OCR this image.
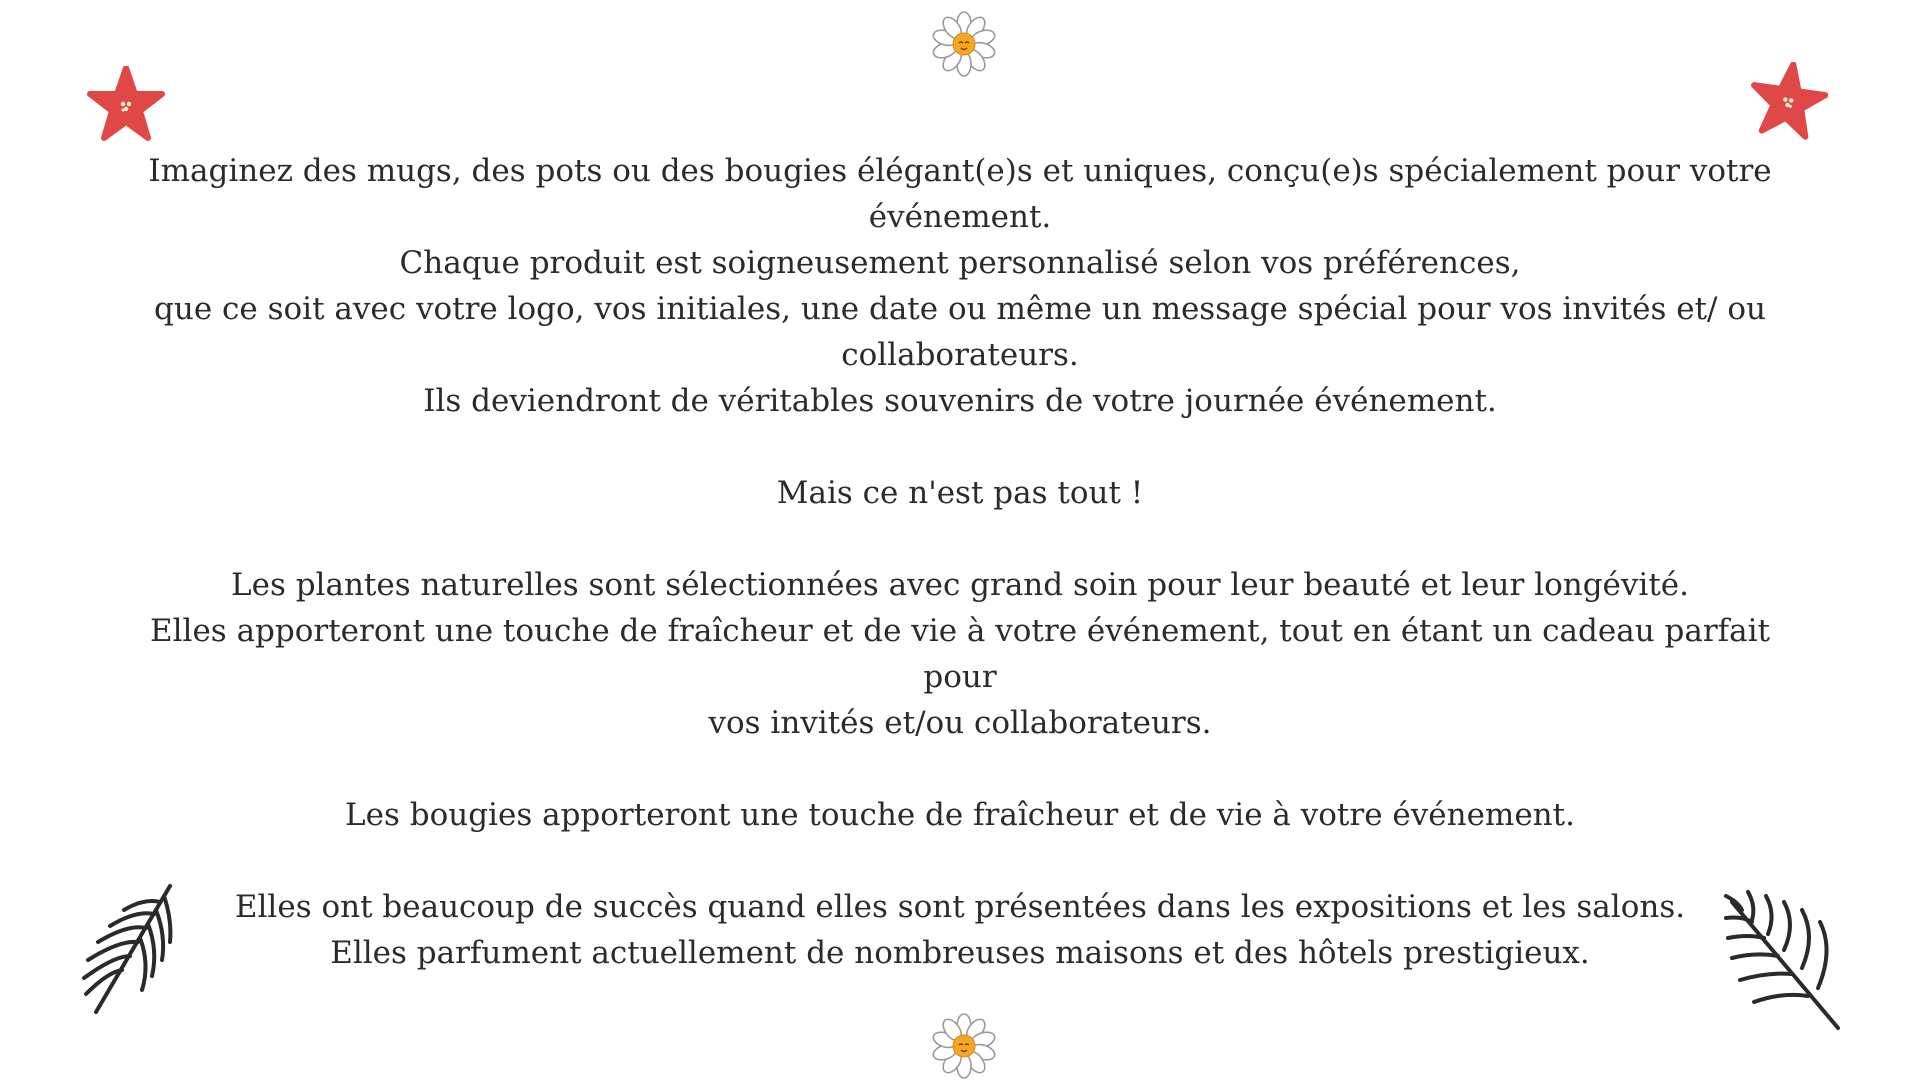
Imaginez des mugs, des pots ou des bougies élégant(e)s et uniques, conçu(e)s spécialement pour votre
événement.
Chaque produit est soigneusement personnalisé selon vos préférences,
que ce soit avec votre logo, vos initiales, une date ou même un message spécial pour vos invités et/ ou
collaborateurs.
Ils deviendront de véritables souvenirs de votre journée événement.
Mais ce n'est pas tout !
Les plantes naturelles sont sélectionnées avec grand soin pour leur beauté et leur longévité.
Elles apporteront une touche de fraîcheur et de vie à votre événement, tout en étant un cadeau parfait pour
vos invités et/ou collaborateurs.
Les bougies apporteront une touche de fraîcheur et de vie à votre événement.
Elles ont beaucoup de succès quand elles sont présentées dans les expositions et les salons.
Elles parfument actuellement de nombreuses maisons et des hôtels prestigieux.
